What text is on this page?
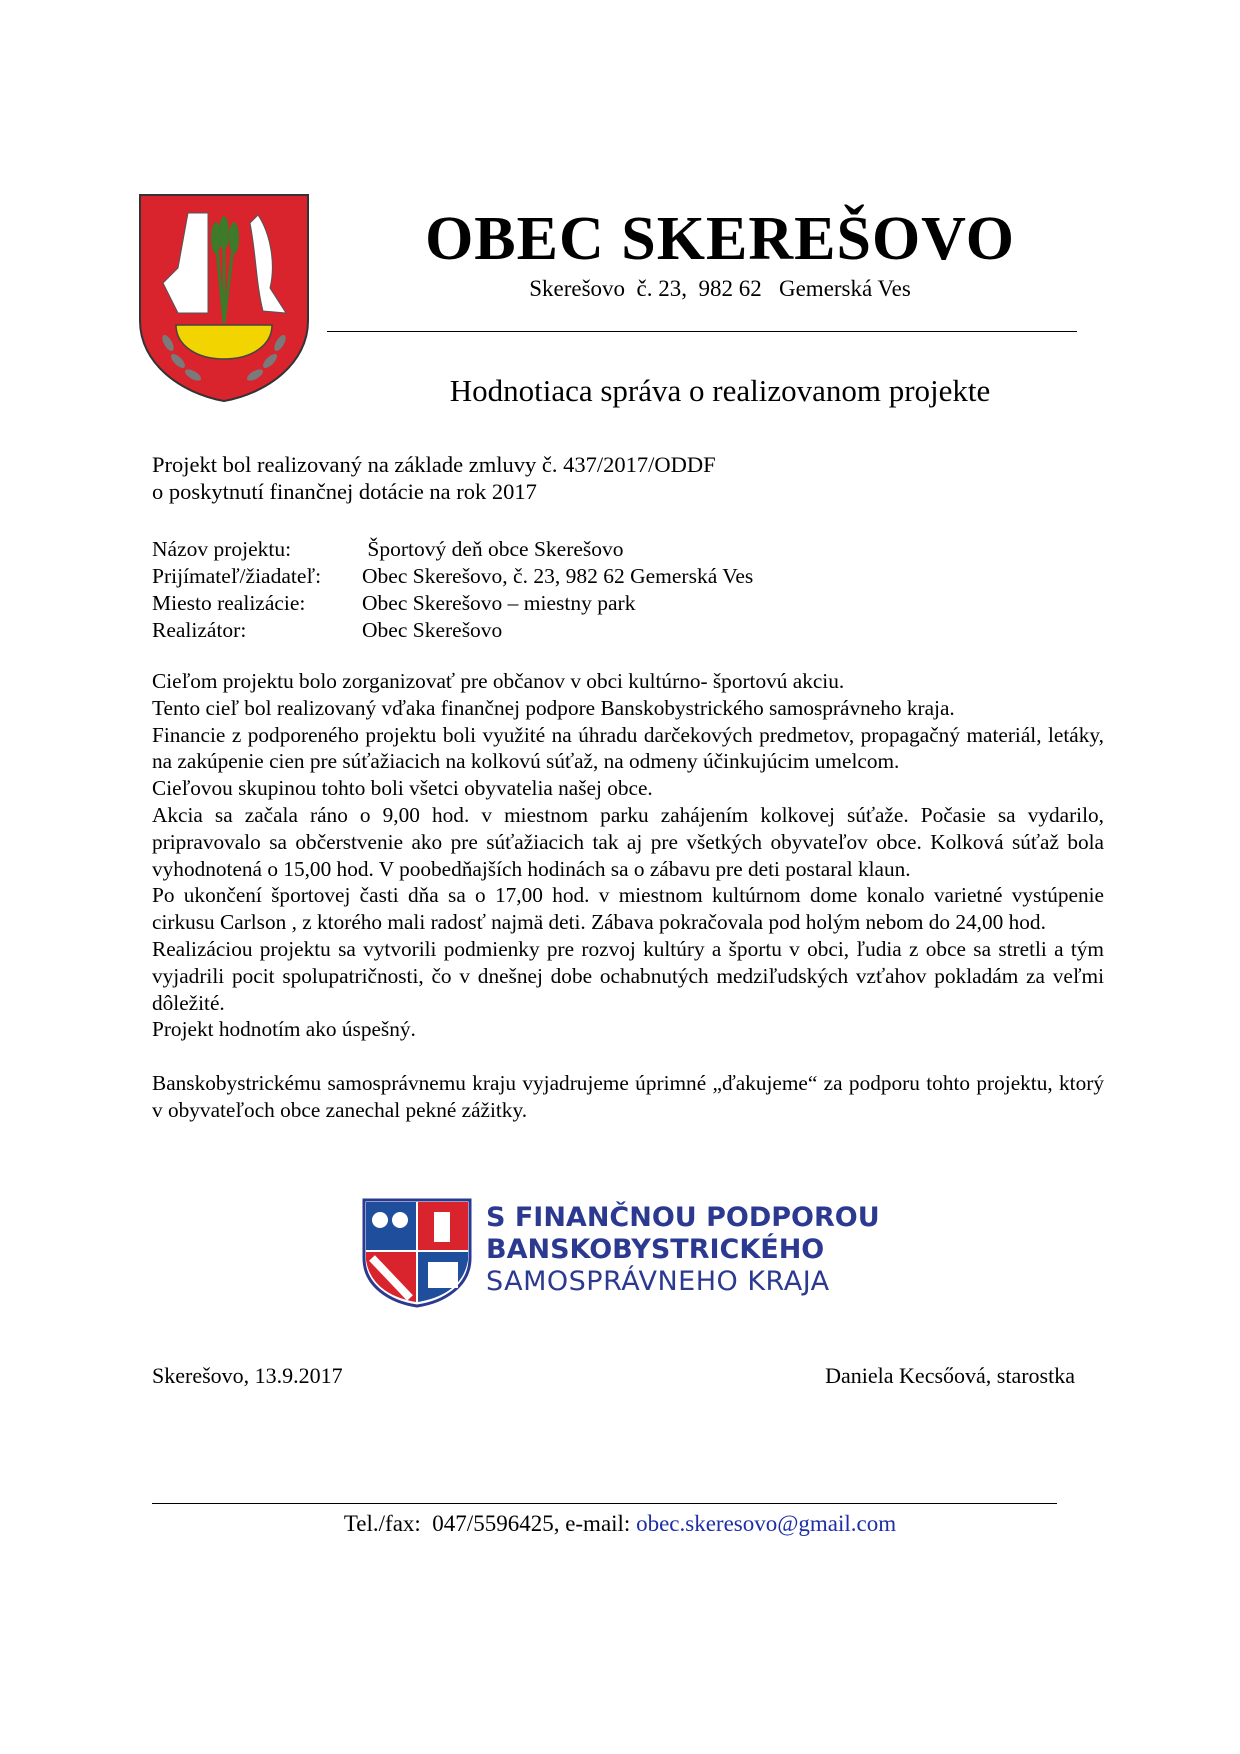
OBEC SKEREŠOVO
Skerešovo  č. 23,  982 62   Gemerská Ves
Hodnotiaca správa o realizovanom projekte
Projekt bol realizovaný na základe zmluvy č. 437/2017/ODDF
o poskytnutí finančnej dotácie na rok 2017
Názov projektu:	Športový deň obce Skerešovo
Prijímateľ/žiadateľ:	Obec Skerešovo, č. 23, 982 62 Gemerská Ves
Miesto realizácie:	Obec Skerešovo – miestny park
Realizátor:	Obec Skerešovo

Cieľom projektu bolo zorganizovať pre občanov v obci kultúrno- športovú akciu.

Tento cieľ bol realizovaný vďaka finančnej podpore Banskobystrického samosprávneho kraja.

Financie z podporeného projektu boli využité na úhradu darčekových predmetov, propagačný materiál, letáky, na zakúpenie cien pre súťažiacich na kolkovú súťaž, na odmeny účinkujúcim umelcom.

Cieľovou skupinou tohto boli všetci obyvatelia našej obce.

Akcia sa začala ráno o 9,00 hod. v miestnom parku zahájením kolkovej súťaže. Počasie sa vydarilo, pripravovalo sa občerstvenie ako pre súťažiacich tak aj pre všetkých obyvateľov obce. Kolková súťaž bola vyhodnotená o 15,00 hod. V poobedňajších hodinách sa o zábavu pre deti postaral klaun.

Po ukončení športovej časti dňa sa o 17,00 hod. v miestnom kultúrnom dome konalo varietné vystúpenie cirkusu Carlson , z ktorého mali radosť najmä deti. Zábava pokračovala pod holým nebom do 24,00 hod.

Realizáciou projektu sa vytvorili podmienky pre rozvoj kultúry a športu v obci, ľudia z obce sa stretli a tým vyjadrili pocit spolupatričnosti, čo v dnešnej dobe ochabnutých medziľudských vzťahov pokladám za veľmi dôležité.

Projekt hodnotím ako úspešný.

Banskobystrickému samosprávnemu kraju vyjadrujeme úprimné „ďakujeme“ za podporu tohto projektu, ktorý v obyvateľoch obce zanechal pekné zážitky.

S FINANČNOU PODPOROU
BANSKOBYSTRICKÉHO
SAMOSPRÁVNEHO KRAJA
Skerešovo, 13.9.2017	Daniela Kecsőová, starostka
Tel./fax:  047/5596425, e-mail: obec.skeresovo@gmail.com
